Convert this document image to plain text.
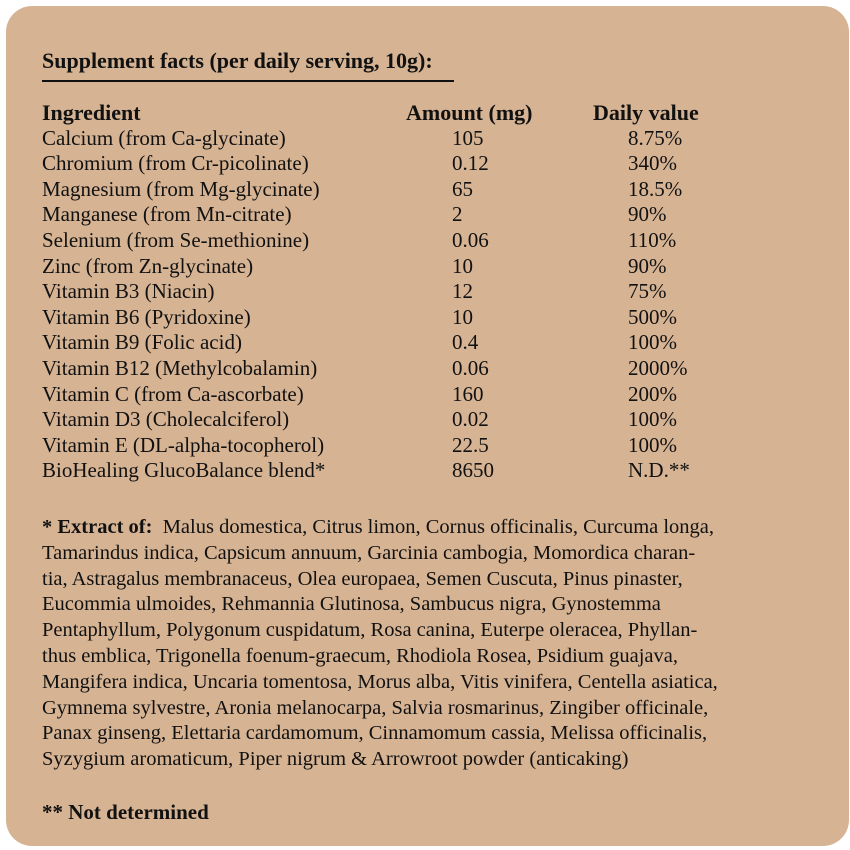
Supplement facts (per daily serving, 10g):
Ingredient	Amount (mg)	Daily value
Calcium (from Ca-glycinate)	105	8.75%
Chromium (from Cr-picolinate)	0.12	340%
Magnesium (from Mg-glycinate)	65	18.5%
Manganese (from Mn-citrate)	2	90%
Selenium (from Se-methionine)	0.06	110%
Zinc (from Zn-glycinate)	10	90%
Vitamin B3 (Niacin)	12	75%
Vitamin B6 (Pyridoxine)	10	500%
Vitamin B9 (Folic acid)	0.4	100%
Vitamin B12 (Methylcobalamin)	0.06	2000%
Vitamin C (from Ca-ascorbate)	160	200%
Vitamin D3 (Cholecalciferol)	0.02	100%
Vitamin E (DL-alpha-tocopherol)	22.5	100%
BioHealing GlucoBalance blend*	8650	N.D.**
* Extract of: Malus domestica, Citrus limon, Cornus officinalis, Curcuma longa,
Tamarindus indica, Capsicum annuum, Garcinia cambogia, Momordica charan-
tia, Astragalus membranaceus, Olea europaea, Semen Cuscuta, Pinus pinaster,
Eucommia ulmoides, Rehmannia Glutinosa, Sambucus nigra, Gynostemma
Pentaphyllum, Polygonum cuspidatum, Rosa canina, Euterpe oleracea, Phyllan-
thus emblica, Trigonella foenum-graecum, Rhodiola Rosea, Psidium guajava,
Mangifera indica, Uncaria tomentosa, Morus alba, Vitis vinifera, Centella asiatica,
Gymnema sylvestre, Aronia melanocarpa, Salvia rosmarinus, Zingiber officinale,
Panax ginseng, Elettaria cardamomum, Cinnamomum cassia, Melissa officinalis,
Syzygium aromaticum, Piper nigrum & Arrowroot powder (anticaking)
** Not determined
